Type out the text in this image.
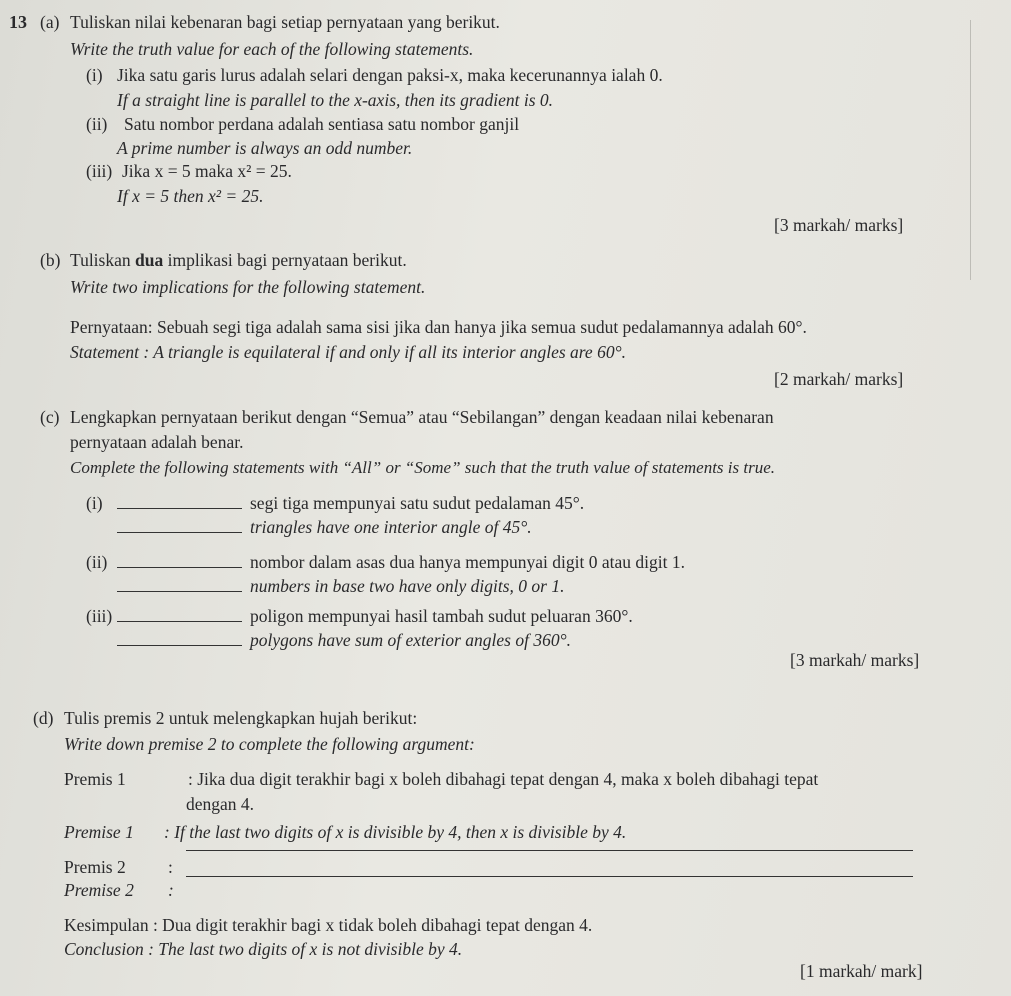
13 (a) Tuliskan nilai kebenaran bagi setiap pernyataan yang berikut.
Write the truth value for each of the following statements.
(i) Jika satu garis lurus adalah selari dengan paksi-x, maka kecerunannya ialah 0.
If a straight line is parallel to the x-axis, then its gradient is 0.
(ii) Satu nombor perdana adalah sentiasa satu nombor ganjil
A prime number is always an odd number.
(iii) Jika x = 5 maka x² = 25.
If x = 5 then x² = 25.
[3 markah/ marks]
(b) Tuliskan dua implikasi bagi pernyataan berikut.
Write two implications for the following statement.
Pernyataan: Sebuah segi tiga adalah sama sisi jika dan hanya jika semua sudut pedalamannya adalah 60°.
Statement : A triangle is equilateral if and only if all its interior angles are 60°.
[2 markah/ marks]
(c) Lengkapkan pernyataan berikut dengan “Semua” atau “Sebilangan” dengan keadaan nilai kebenaran
pernyataan adalah benar.
Complete the following statements with “All” or “Some” such that the truth value of statements is true.
(i)	segi tiga mempunyai satu sudut pedalaman 45°.
triangles have one interior angle of 45°.
(ii)	nombor dalam asas dua hanya mempunyai digit 0 atau digit 1.
numbers in base two have only digits, 0 or 1.
(iii)	poligon mempunyai hasil tambah sudut peluaran 360°.
polygons have sum of exterior angles of 360°.
[3 markah/ marks]
(d) Tulis premis 2 untuk melengkapkan hujah berikut:
Write down premise 2 to complete the following argument:
Premis 1	: Jika dua digit terakhir bagi x boleh dibahagi tepat dengan 4, maka x boleh dibahagi tepat
dengan 4.
Premise 1 : If the last two digits of x is divisible by 4, then x is divisible by 4.
Premis 2 :
Premise 2 :
Kesimpulan : Dua digit terakhir bagi x tidak boleh dibahagi tepat dengan 4.
Conclusion : The last two digits of x is not divisible by 4.
[1 markah/ mark]
